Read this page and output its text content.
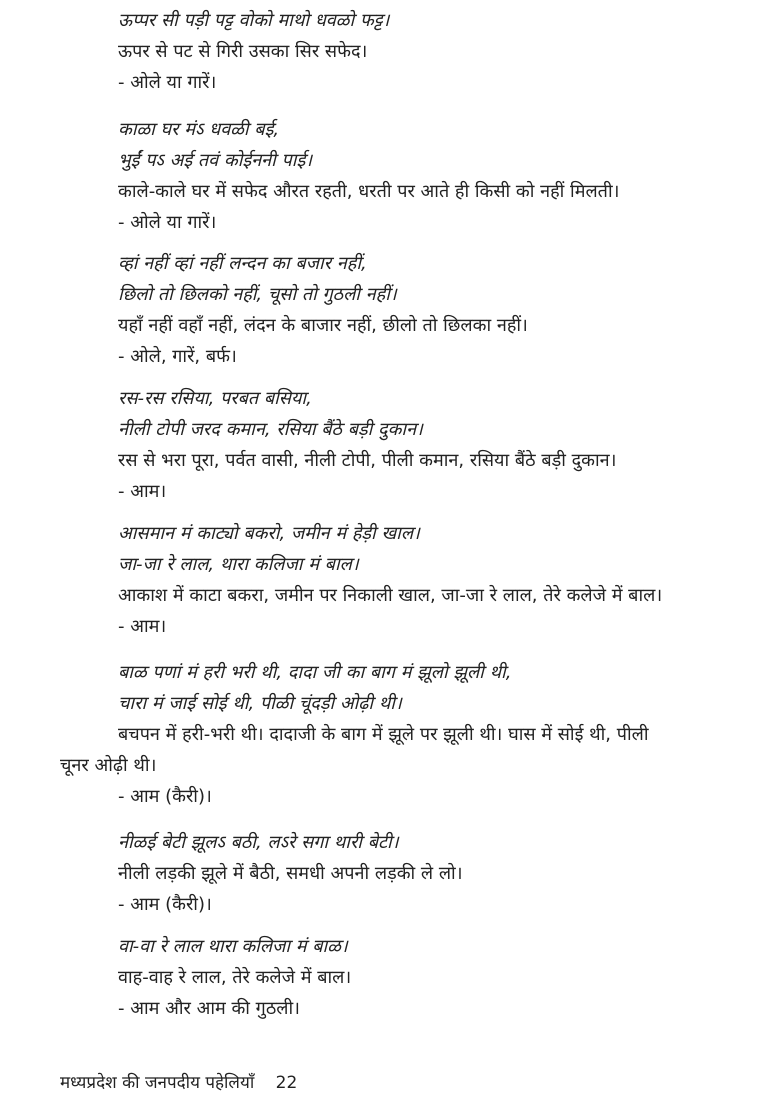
ऊप्पर सी पड़ी पट्ट वोको माथो धवळो फट्ट।
ऊपर से पट से गिरी उसका सिर सफेद।
- ओले या गारें।
काळा घर मंऽ धवळी बई,
भुईं पऽ अई तवं कोईननी पाई।
काले-काले घर में सफेद औरत रहती, धरती पर आते ही किसी को नहीं मिलती।
- ओले या गारें।
व्हां नहीं व्हां नहीं लन्दन का बजार नहीं,
छिलो तो छिलको नहीं, चूसो तो गुठली नहीं।
यहाँ नहीं वहाँ नहीं, लंदन के बाजार नहीं, छीलो तो छिलका नहीं।
- ओले, गारें, बर्फ।
रस-रस रसिया, परबत बसिया,
नीली टोपी जरद कमान, रसिया बैंठे बड़ी दुकान।
रस से भरा पूरा, पर्वत वासी, नीली टोपी, पीली कमान, रसिया बैंठे बड़ी दुकान।
- आम।
आसमान मं काट्यो बकरो, जमीन मं हेड़ी खाल।
जा-जा रे लाल, थारा कलिजा मं बाल।
आकाश में काटा बकरा, जमीन पर निकाली खाल, जा-जा रे लाल, तेरे कलेजे में बाल।
- आम।
बाळ पणां मं हरी भरी थी, दादा जी का बाग मं झूलो झूली थी,
चारा मं जाई सोई थी, पीळी चूंदड़ी ओढ़ी थी।
बचपन में हरी-भरी थी। दादाजी के बाग में झूले पर झूली थी। घास में सोई थी, पीली
चूनर ओढ़ी थी।
- आम (कैरी)।
नीळई बेटी झूलऽ बठी, लऽरे सगा थारी बेटी।
नीली लड़की झूले में बैठी, समधी अपनी लड़की ले लो।
- आम (कैरी)।
वा-वा रे लाल थारा कलिजा मं बाळ।
वाह-वाह रे लाल, तेरे कलेजे में बाल।
- आम और आम की गुठली।
मध्यप्रदेश की जनपदीय पहेलियाँ 22
